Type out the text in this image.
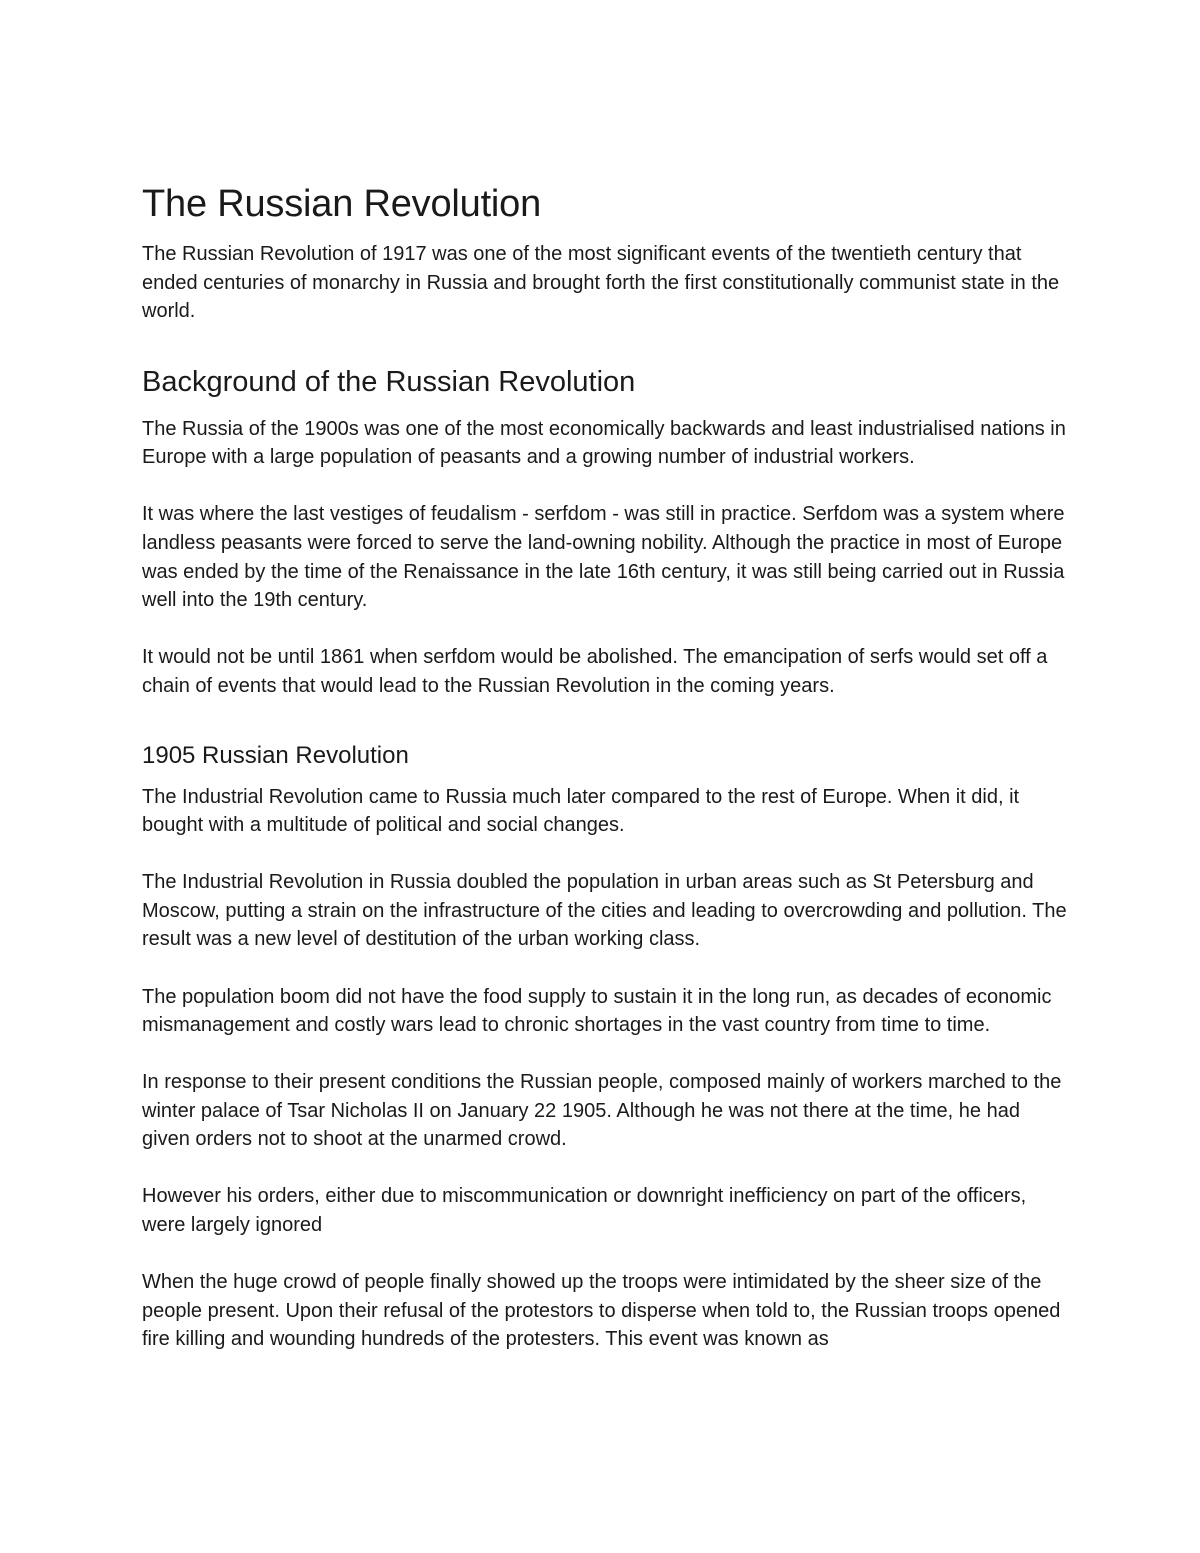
The Russian Revolution

The Russian Revolution of 1917 was one of the most significant events of the twentieth century that ended centuries of monarchy in Russia and brought forth the first constitutionally communist state in the world.

Background of the Russian Revolution

The Russia of the 1900s was one of the most economically backwards and least industrialised nations in Europe with a large population of peasants and a growing number of industrial workers.

It was where the last vestiges of feudalism - serfdom - was still in practice. Serfdom was a system where landless peasants were forced to serve the land-owning nobility. Although the practice in most of Europe was ended by the time of the Renaissance in the late 16th century, it was still being carried out in Russia well into the 19th century.

It would not be until 1861 when serfdom would be abolished. The emancipation of serfs would set off a chain of events that would lead to the Russian Revolution in the coming years.

1905 Russian Revolution

The Industrial Revolution came to Russia much later compared to the rest of Europe. When it did, it bought with a multitude of political and social changes.

The Industrial Revolution in Russia doubled the population in urban areas such as St Petersburg and Moscow, putting a strain on the infrastructure of the cities and leading to overcrowding and pollution. The result was a new level of destitution of the urban working class.

The population boom did not have the food supply to sustain it in the long run, as decades of economic mismanagement and costly wars lead to chronic shortages in the vast country from time to time.

In response to their present conditions the Russian people, composed mainly of workers marched to the winter palace of Tsar Nicholas II on January 22 1905. Although he was not there at the time, he had given orders not to shoot at the unarmed crowd.

However his orders, either due to miscommunication or downright inefficiency on part of the officers, were largely ignored

When the huge crowd of people finally showed up the troops were intimidated by the sheer size of the people present. Upon their refusal of the protestors to disperse when told to, the Russian troops opened fire killing and wounding hundreds of the protesters. This event was known as
